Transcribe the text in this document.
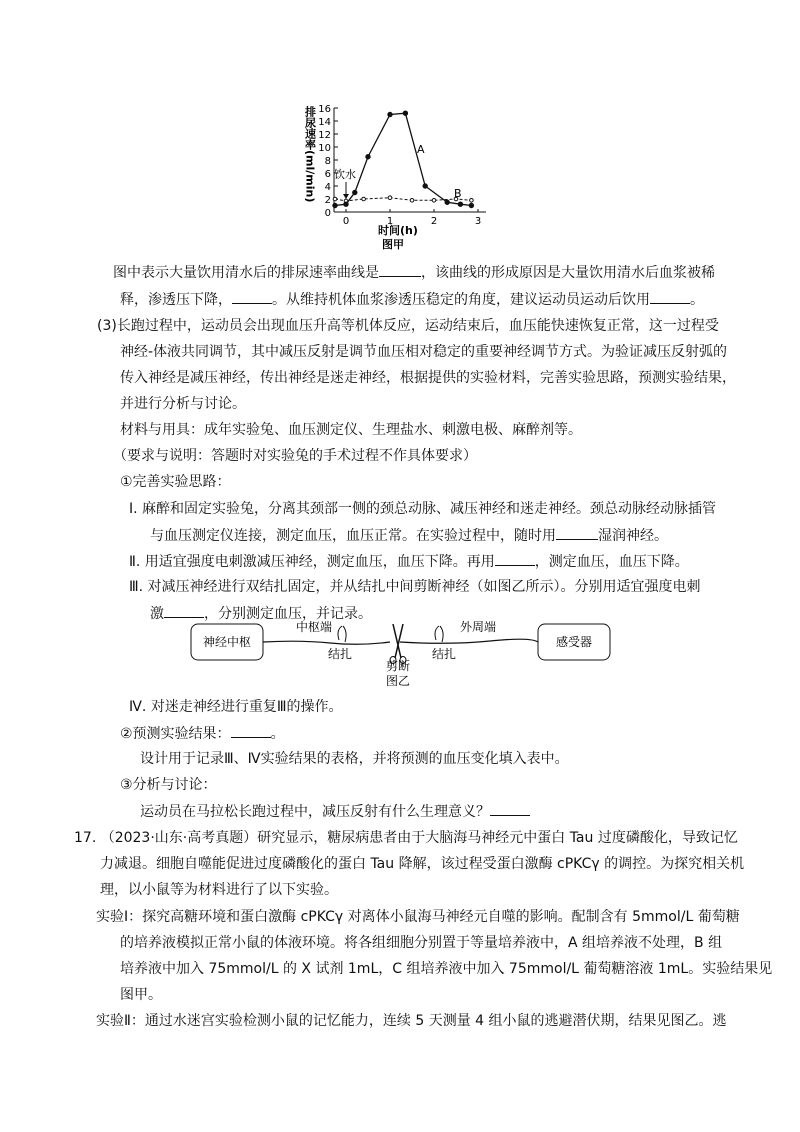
排尿速率(ml/min) 16
14
12
10
8
6
4
2
0
0	1	2	3
饮水
A
B
时间(h)
图甲
图中表示大量饮用清水后的排尿速率曲线是	，该曲线的形成原因是大量饮用清水后血浆被稀
释，渗透压下降，	。从维持机体血浆渗透压稳定的角度，建议运动员运动后饮用	。
(3)长跑过程中，运动员会出现血压升高等机体反应，运动结束后，血压能快速恢复正常，这一过程受
神经-体液共同调节，其中减压反射是调节血压相对稳定的重要神经调节方式。为验证减压反射弧的
传入神经是减压神经，传出神经是迷走神经，根据提供的实验材料，完善实验思路，预测实验结果，
并进行分析与讨论。
材料与用具：成年实验兔、血压测定仪、生理盐水、刺激电极、麻醉剂等。
（要求与说明：答题时对实验兔的手术过程不作具体要求）
①完善实验思路：
Ⅰ. 麻醉和固定实验兔，分离其颈部一侧的颈总动脉、减压神经和迷走神经。颈总动脉经动脉插管
与血压测定仪连接，测定血压，血压正常。在实验过程中，随时用	湿润神经。
Ⅱ. 用适宜强度电刺激减压神经，测定血压，血压下降。再用	，测定血压，血压下降。
Ⅲ. 对减压神经进行双结扎固定，并从结扎中间剪断神经（如图乙所示）。分别用适宜强度电刺
激	，分别测定血压，并记录。
神经中枢	感受器
中枢端	外周端
结扎	结扎
剪断
图乙
Ⅳ. 对迷走神经进行重复Ⅲ的操作。
②预测实验结果：	。
设计用于记录Ⅲ、Ⅳ实验结果的表格，并将预测的血压变化填入表中。
③分析与讨论：
运动员在马拉松长跑过程中，减压反射有什么生理意义？
17. （2023·山东·高考真题）研究显示，糖尿病患者由于大脑海马神经元中蛋白 Tau 过度磷酸化，导致记忆
力减退。细胞自噬能促进过度磷酸化的蛋白 Tau 降解，该过程受蛋白激酶 cPKCγ 的调控。为探究相关机
理，以小鼠等为材料进行了以下实验。
实验Ⅰ：探究高糖环境和蛋白激酶 cPKCγ 对离体小鼠海马神经元自噬的影响。配制含有 5mmol/L 葡萄糖
的培养液模拟正常小鼠的体液环境。将各组细胞分别置于等量培养液中，A 组培养液不处理，B 组
培养液中加入 75mmol/L 的 X 试剂 1mL，C 组培养液中加入 75mmol/L 葡萄糖溶液 1mL。实验结果见
图甲。
实验Ⅱ：通过水迷宫实验检测小鼠的记忆能力，连续 5 天测量 4 组小鼠的逃避潜伏期，结果见图乙。逃
